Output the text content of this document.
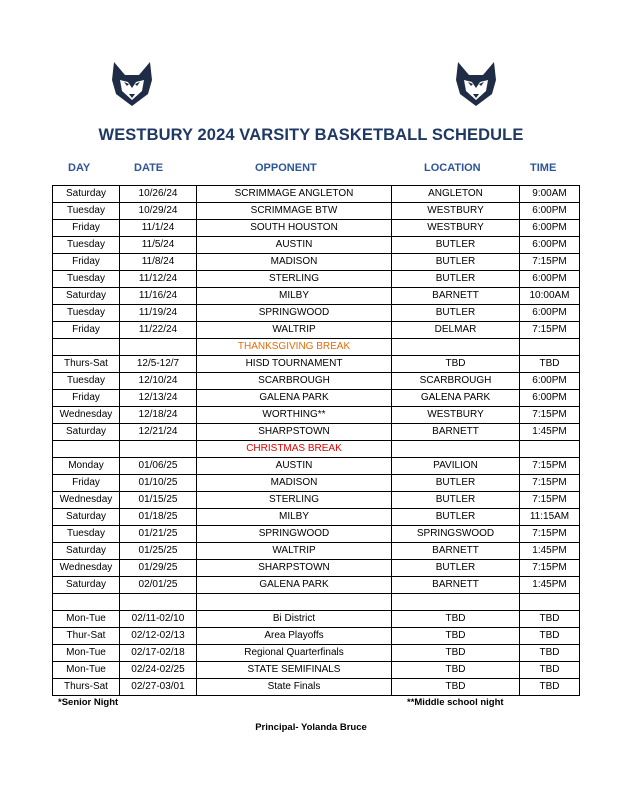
WESTBURY 2024 VARSITY BASKETBALL SCHEDULE
DAY	DATE	OPPONENT	LOCATION	TIME
Saturday	10/26/24	SCRIMMAGE ANGLETON	ANGLETON	9:00AM
Tuesday	10/29/24	SCRIMMAGE BTW	WESTBURY	6:00PM
Friday	11/1/24	SOUTH HOUSTON	WESTBURY	6:00PM
Tuesday	11/5/24	AUSTIN	BUTLER	6:00PM
Friday	11/8/24	MADISON	BUTLER	7:15PM
Tuesday	11/12/24	STERLING	BUTLER	6:00PM
Saturday	11/16/24	MILBY	BARNETT	10:00AM
Tuesday	11/19/24	SPRINGWOOD	BUTLER	6:00PM
Friday	11/22/24	WALTRIP	DELMAR	7:15PM
		THANKSGIVING BREAK		
Thurs-Sat	12/5-12/7	HISD TOURNAMENT	TBD	TBD
Tuesday	12/10/24	SCARBROUGH	SCARBROUGH	6:00PM
Friday	12/13/24	GALENA PARK	GALENA PARK	6:00PM
Wednesday	12/18/24	WORTHING**	WESTBURY	7:15PM
Saturday	12/21/24	SHARPSTOWN	BARNETT	1:45PM
		CHRISTMAS BREAK		
Monday	01/06/25	AUSTIN	PAVILION	7:15PM
Friday	01/10/25	MADISON	BUTLER	7:15PM
Wednesday	01/15/25	STERLING	BUTLER	7:15PM
Saturday	01/18/25	MILBY	BUTLER	11:15AM
Tuesday	01/21/25	SPRINGWOOD	SPRINGSWOOD	7:15PM
Saturday	01/25/25	WALTRIP	BARNETT	1:45PM
Wednesday	01/29/25	SHARPSTOWN	BUTLER	7:15PM
Saturday	02/01/25	GALENA PARK	BARNETT	1:45PM

Mon-Tue	02/11-02/10	Bi District	TBD	TBD
Thur-Sat	02/12-02/13	Area Playoffs	TBD	TBD
Mon-Tue	02/17-02/18	Regional Quarterfinals	TBD	TBD
Mon-Tue	02/24-02/25	STATE SEMIFINALS	TBD	TBD
Thurs-Sat	02/27-03/01	State Finals	TBD	TBD
*Senior Night	**Middle school night
Principal- Yolanda Bruce
